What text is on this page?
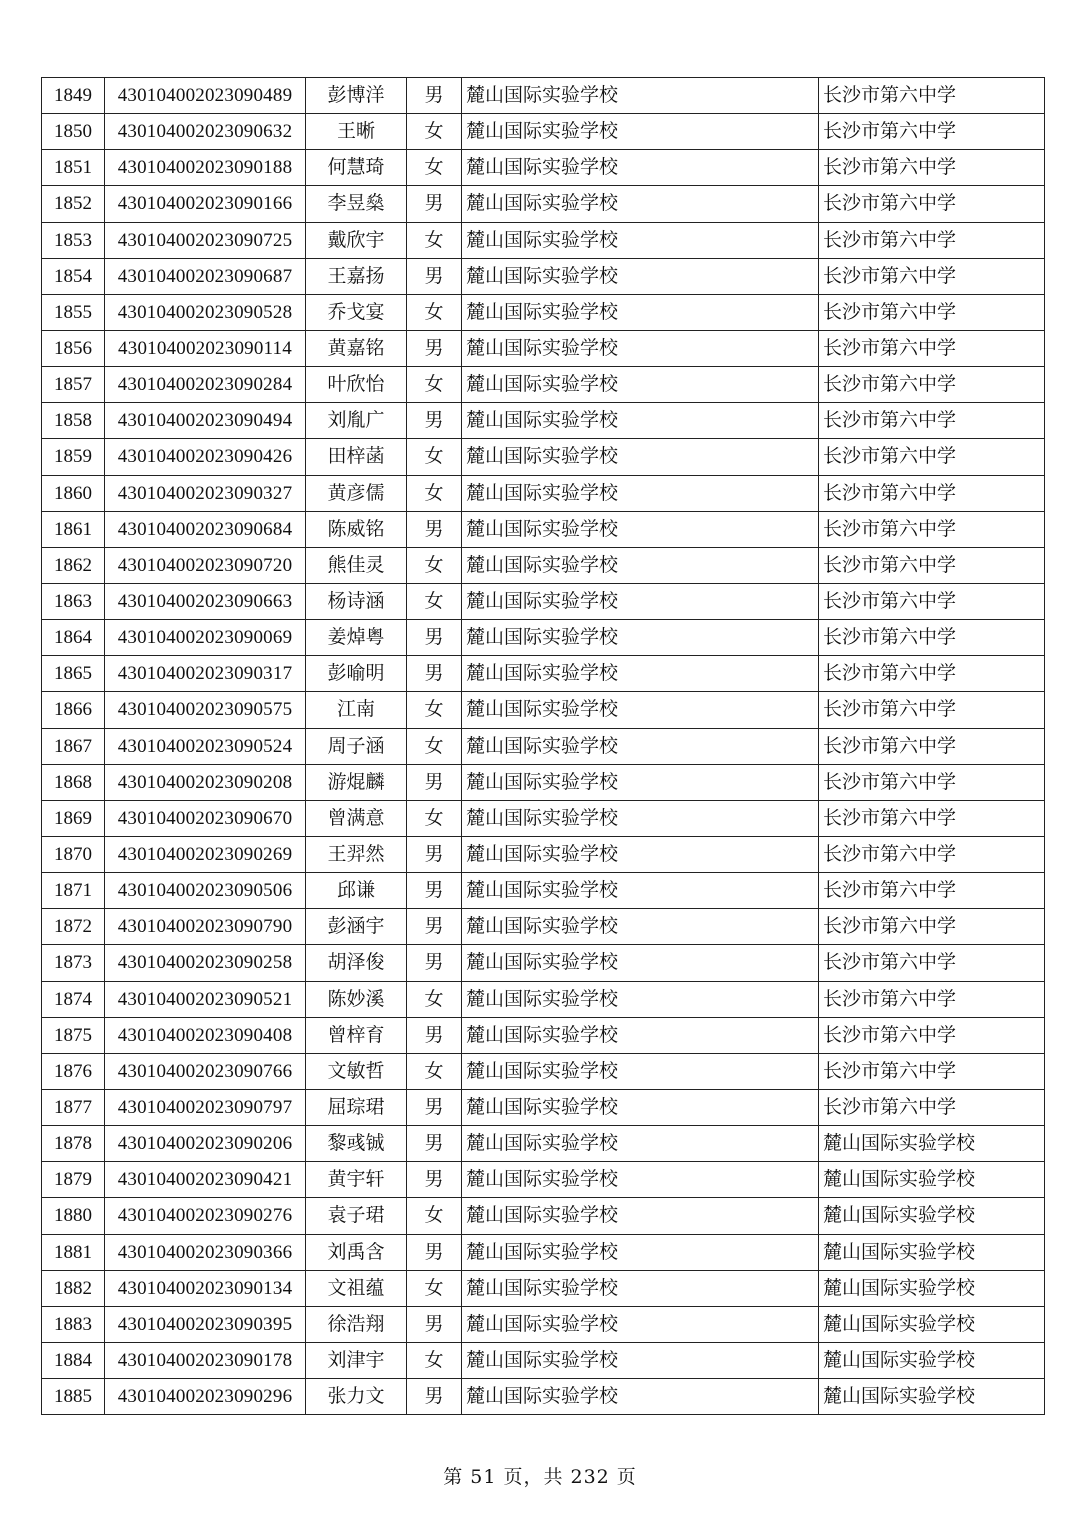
1849	430104002023090489	彭博洋	男	麓山国际实验学校	长沙市第六中学
1850	430104002023090632	王晰	女	麓山国际实验学校	长沙市第六中学
1851	430104002023090188	何慧琦	女	麓山国际实验学校	长沙市第六中学
1852	430104002023090166	李昱燊	男	麓山国际实验学校	长沙市第六中学
1853	430104002023090725	戴欣宇	女	麓山国际实验学校	长沙市第六中学
1854	430104002023090687	王嘉扬	男	麓山国际实验学校	长沙市第六中学
1855	430104002023090528	乔戈宴	女	麓山国际实验学校	长沙市第六中学
1856	430104002023090114	黄嘉铭	男	麓山国际实验学校	长沙市第六中学
1857	430104002023090284	叶欣怡	女	麓山国际实验学校	长沙市第六中学
1858	430104002023090494	刘胤广	男	麓山国际实验学校	长沙市第六中学
1859	430104002023090426	田梓菡	女	麓山国际实验学校	长沙市第六中学
1860	430104002023090327	黄彦儒	女	麓山国际实验学校	长沙市第六中学
1861	430104002023090684	陈威铭	男	麓山国际实验学校	长沙市第六中学
1862	430104002023090720	熊佳灵	女	麓山国际实验学校	长沙市第六中学
1863	430104002023090663	杨诗涵	女	麓山国际实验学校	长沙市第六中学
1864	430104002023090069	姜焯粤	男	麓山国际实验学校	长沙市第六中学
1865	430104002023090317	彭喻明	男	麓山国际实验学校	长沙市第六中学
1866	430104002023090575	江南	女	麓山国际实验学校	长沙市第六中学
1867	430104002023090524	周子涵	女	麓山国际实验学校	长沙市第六中学
1868	430104002023090208	游焜麟	男	麓山国际实验学校	长沙市第六中学
1869	430104002023090670	曾满意	女	麓山国际实验学校	长沙市第六中学
1870	430104002023090269	王羿然	男	麓山国际实验学校	长沙市第六中学
1871	430104002023090506	邱谦	男	麓山国际实验学校	长沙市第六中学
1872	430104002023090790	彭涵宇	男	麓山国际实验学校	长沙市第六中学
1873	430104002023090258	胡泽俊	男	麓山国际实验学校	长沙市第六中学
1874	430104002023090521	陈妙溪	女	麓山国际实验学校	长沙市第六中学
1875	430104002023090408	曾梓育	男	麓山国际实验学校	长沙市第六中学
1876	430104002023090766	文敏哲	女	麓山国际实验学校	长沙市第六中学
1877	430104002023090797	屈琮珺	男	麓山国际实验学校	长沙市第六中学
1878	430104002023090206	黎彧铖	男	麓山国际实验学校	麓山国际实验学校
1879	430104002023090421	黄宇轩	男	麓山国际实验学校	麓山国际实验学校
1880	430104002023090276	袁子珺	女	麓山国际实验学校	麓山国际实验学校
1881	430104002023090366	刘禹含	男	麓山国际实验学校	麓山国际实验学校
1882	430104002023090134	文祖蕴	女	麓山国际实验学校	麓山国际实验学校
1883	430104002023090395	徐浩翔	男	麓山国际实验学校	麓山国际实验学校
1884	430104002023090178	刘津宇	女	麓山国际实验学校	麓山国际实验学校
1885	430104002023090296	张力文	男	麓山国际实验学校	麓山国际实验学校
第 51 页，共 232 页
